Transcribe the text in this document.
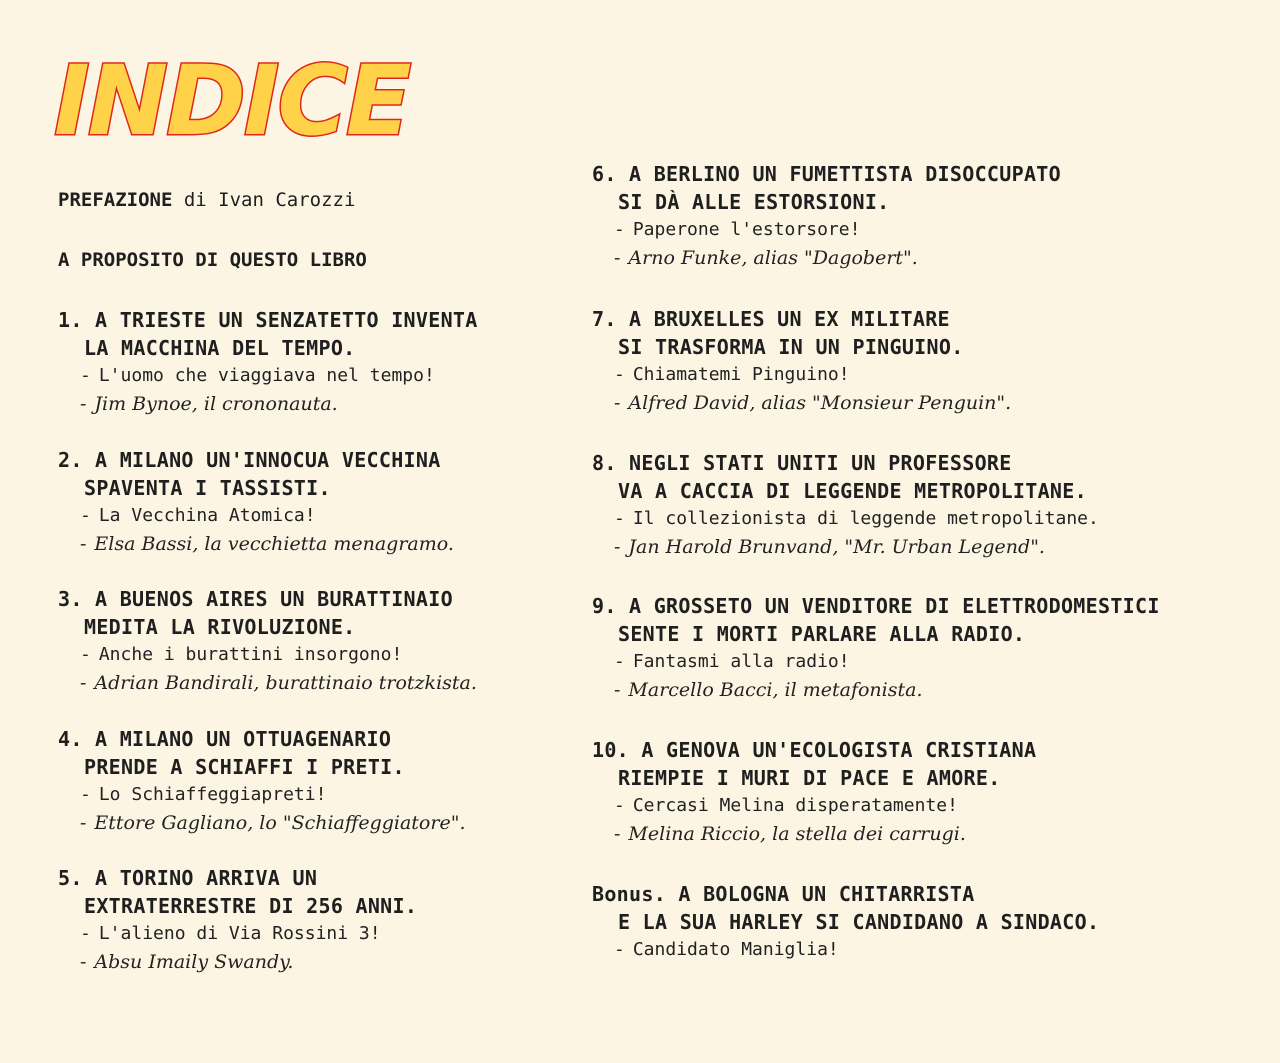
INDICE
PREFAZIONE di Ivan Carozzi
A PROPOSITO DI QUESTO LIBRO
1. A TRIESTE UN SENZATETTO INVENTA
LA MACCHINA DEL TEMPO.
- L'uomo che viaggiava nel tempo!
- Jim Bynoe, il crononauta.
2. A MILANO UN'INNOCUA VECCHINA
SPAVENTA I TASSISTI.
- La Vecchina Atomica!
- Elsa Bassi, la vecchietta menagramo.
3. A BUENOS AIRES UN BURATTINAIO
MEDITA LA RIVOLUZIONE.
- Anche i burattini insorgono!
- Adrian Bandirali, burattinaio trotzkista.
4. A MILANO UN OTTUAGENARIO
PRENDE A SCHIAFFI I PRETI.
- Lo Schiaffeggiapreti!
- Ettore Gagliano, lo "Schiaffeggiatore".
5. A TORINO ARRIVA UN
EXTRATERRESTRE DI 256 ANNI.
- L'alieno di Via Rossini 3!
- Absu Imaily Swandy.
6. A BERLINO UN FUMETTISTA DISOCCUPATO
SI DÀ ALLE ESTORSIONI.
- Paperone l'estorsore!
- Arno Funke, alias "Dagobert".
7. A BRUXELLES UN EX MILITARE
SI TRASFORMA IN UN PINGUINO.
- Chiamatemi Pinguino!
- Alfred David, alias "Monsieur Penguin".
8. NEGLI STATI UNITI UN PROFESSORE
VA A CACCIA DI LEGGENDE METROPOLITANE.
- Il collezionista di leggende metropolitane.
- Jan Harold Brunvand, "Mr. Urban Legend".
9. A GROSSETO UN VENDITORE DI ELETTRODOMESTICI
SENTE I MORTI PARLARE ALLA RADIO.
- Fantasmi alla radio!
- Marcello Bacci, il metafonista.
10. A GENOVA UN'ECOLOGISTA CRISTIANA
RIEMPIE I MURI DI PACE E AMORE.
- Cercasi Melina disperatamente!
- Melina Riccio, la stella dei carrugi.
Bonus. A BOLOGNA UN CHITARRISTA
E LA SUA HARLEY SI CANDIDANO A SINDACO.
- Candidato Maniglia!
